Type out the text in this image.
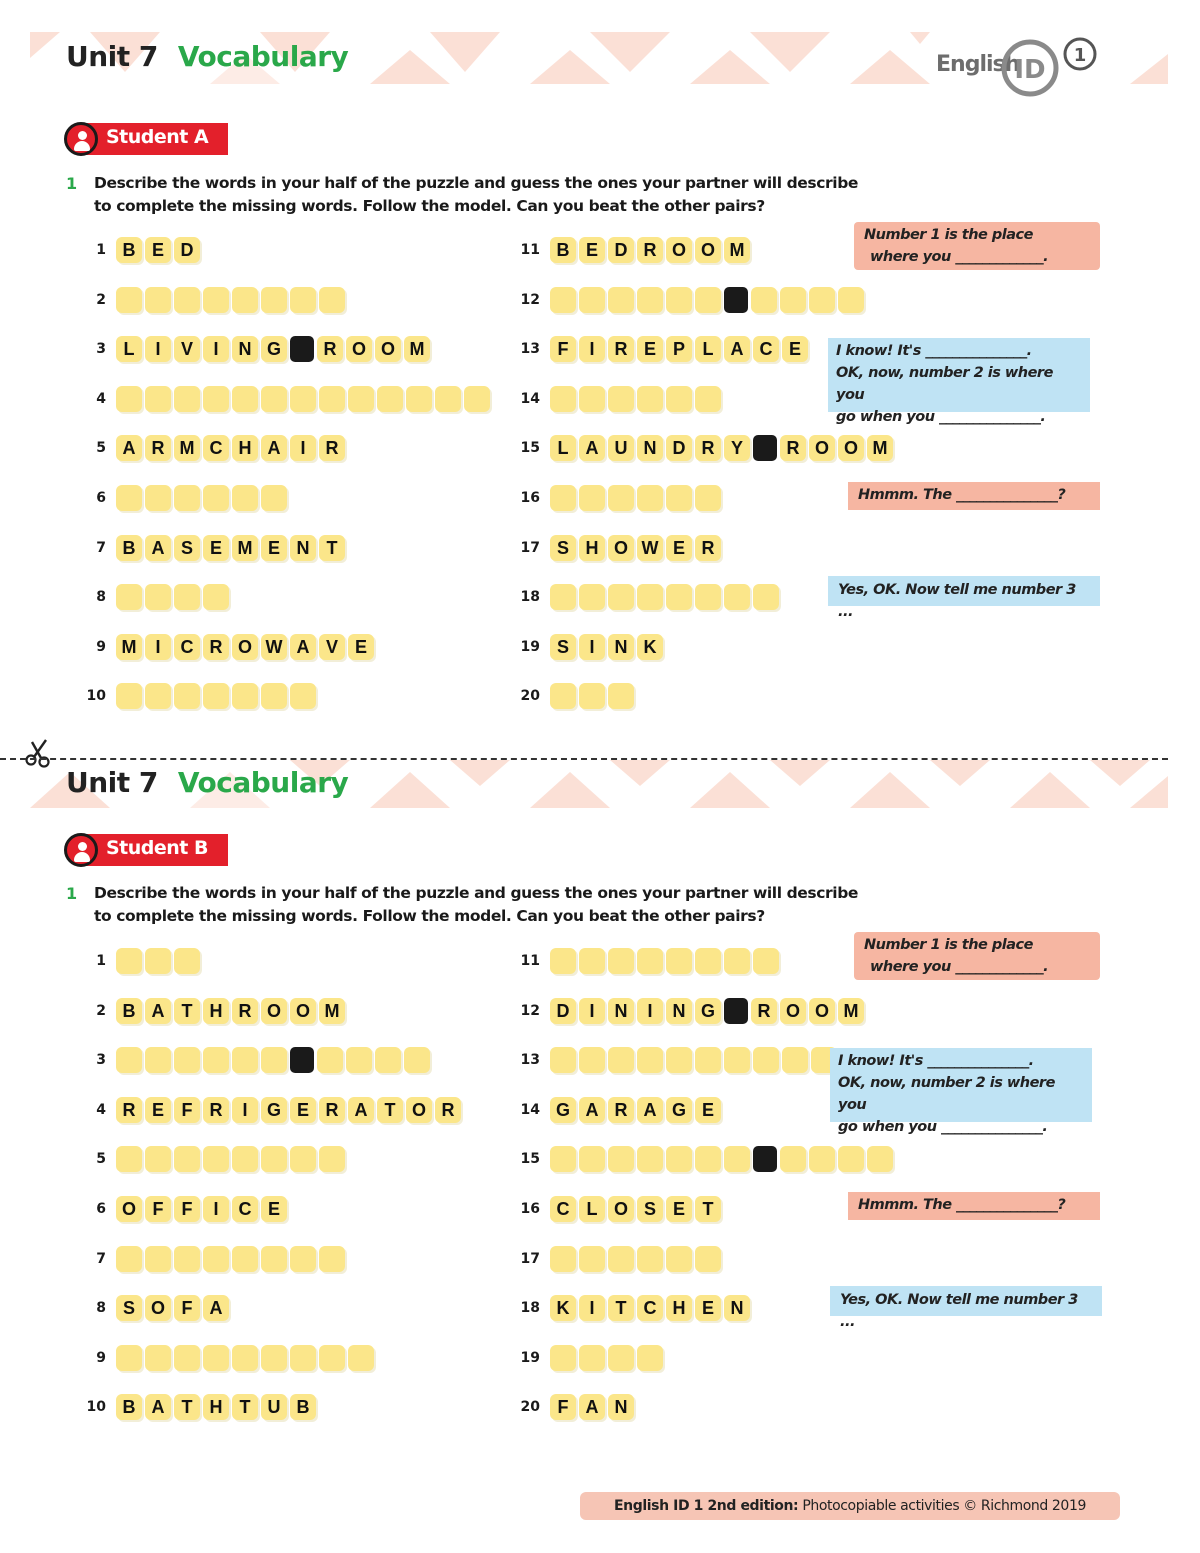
Unit 7 Vocabulary	English
ID 1
Student A
1 Describe the words in your half of the puzzle and guess the ones your partner will describe
to complete the missing words. Follow the model. Can you beat the other pairs?
1 B E D
2
3 L	I	V	I	N G	R O O M
4
5 A R M C H A	I	R
6
7 B A S E M E N T
8
9 M	I	C R O W A V E
10
11 B E D R O O M
12
13 F	I	R E P L A C E
14
15 L A U N D R Y	R O O M
16
17 S H O W E R
18
19 S	I	N K
20
Number 1 is the place
where you _____________.
I know! It's _______________.
OK, now, number 2 is where you
go when you _______________.
Hmmm. The _______________?
Yes, OK. Now tell me number 3 ...
Unit 7 Vocabulary
Student B
1 Describe the words in your half of the puzzle and guess the ones your partner will describe
to complete the missing words. Follow the model. Can you beat the other pairs?
1
2 B A T H R O O M
3
4 R E F R	I	G E R A T O R
5
6 O F	F	I	C E
7
8 S O F A
9
10 B A T H T U B
11
12 D	I	N	I	N G	R O O M
13
14 G A R A G E
15
16 C L O S E T
17
18 K	I	T C H E N
19
20 F A N
Number 1 is the place
where you _____________.
I know! It's _______________.
OK, now, number 2 is where you
go when you _______________.
Hmmm. The _______________?
Yes, OK. Now tell me number 3 ...
English ID 1 2nd edition: Photocopiable activities © Richmond 2019
